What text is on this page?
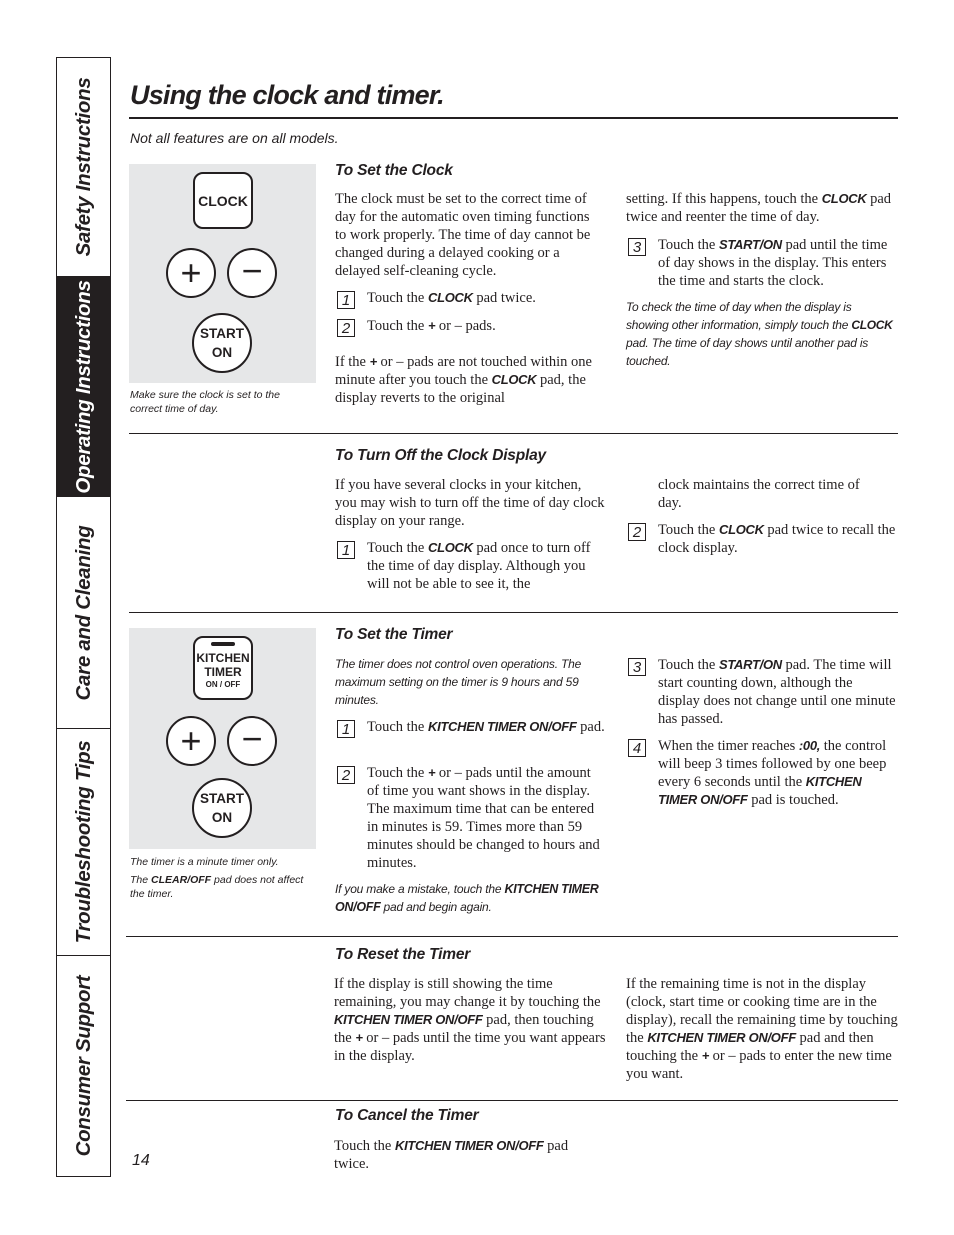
Safety Instructions
Operating Instructions
Care and Cleaning
Troubleshooting Tips
Consumer Support
Using the clock and timer.
Not all features are on all models.
CLOCK
+ −
START
ON
Make sure the clock is set to the correct time of day.
To Set the Clock
The clock must be set to the correct time of day for the automatic oven timing functions to work properly. The time of day cannot be changed during a delayed cooking or a delayed self-cleaning cycle.
1	Touch the CLOCK pad twice.
2	Touch the + or – pads.
If the + or – pads are not touched within one minute after you touch the CLOCK pad, the display reverts to the original
setting. If this happens, touch the CLOCK pad twice and reenter the time of day.
3	Touch the START/ON pad until the time of day shows in the display. This enters the time and starts the clock.
To check the time of day when the display is showing other information, simply touch the CLOCK pad. The time of day shows until another pad is touched.
To Turn Off the Clock Display
If you have several clocks in your kitchen, you may wish to turn off the time of day clock display on your range.
1	Touch the CLOCK pad once to turn off the time of day display. Although you will not be able to see it, the
clock maintains the correct time of day.
2	Touch the CLOCK pad twice to recall the clock display.
KITCHEN
TIMER
ON / OFF
+ −
START
ON
The timer is a minute timer only.
The CLEAR/OFF pad does not affect the timer.
To Set the Timer
The timer does not control oven operations. The maximum setting on the timer is 9 hours and 59 minutes.
1	Touch the KITCHEN TIMER ON/OFF pad.
2	Touch the + or – pads until the amount of time you want shows in the display. The maximum time that can be entered in minutes is 59. Times more than 59 minutes should be changed to hours and minutes.
If you make a mistake, touch the KITCHEN TIMER ON/OFF pad and begin again.
3	Touch the START/ON pad. The time will start counting down, although the display does not change until one minute has passed.
4	When the timer reaches :00, the control will beep 3 times followed by one beep every 6 seconds until the KITCHEN TIMER ON/OFF pad is touched.
To Reset the Timer
If the display is still showing the time remaining, you may change it by touching the KITCHEN TIMER ON/OFF pad, then touching the + or – pads until the time you want appears in the display.
If the remaining time is not in the display (clock, start time or cooking time are in the display), recall the remaining time by touching the KITCHEN TIMER ON/OFF pad and then touching the + or – pads to enter the new time you want.
To Cancel the Timer
Touch the KITCHEN TIMER ON/OFF pad twice.
14
